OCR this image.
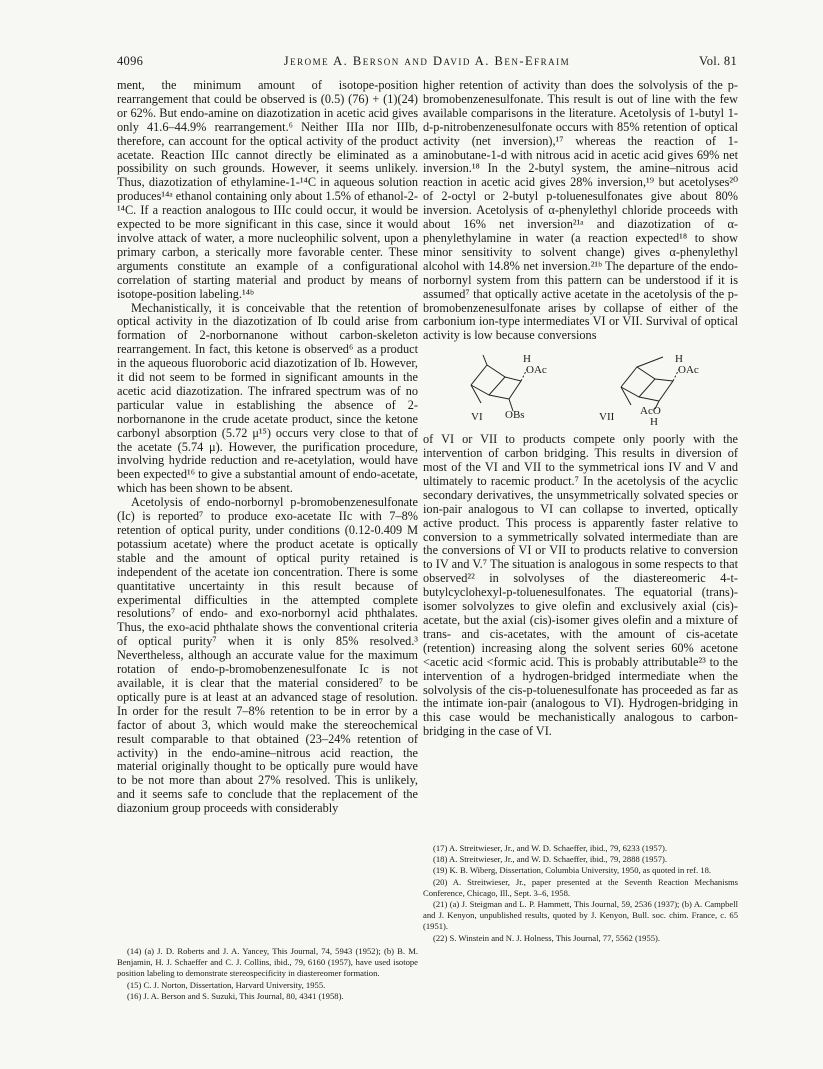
4096	Jerome A. Berson and David A. Ben-Efraim	Vol. 81

ment, the minimum amount of isotope-position rearrangement that could be observed is (0.5) (76) + (1)(24) or 62%. But endo-amine on diazotization in acetic acid gives only 41.6–44.9% rearrangement.⁶ Neither IIIa nor IIIb, therefore, can account for the optical activity of the product acetate. Reaction IIIc cannot directly be eliminated as a possibility on such grounds. However, it seems unlikely. Thus, diazotization of ethylamine-1-¹⁴C in aqueous solution produces¹⁴ᵃ ethanol containing only about 1.5% of ethanol-2-¹⁴C. If a reaction analogous to IIIc could occur, it would be expected to be more significant in this case, since it would involve attack of water, a more nucleophilic solvent, upon a primary carbon, a sterically more favorable center. These arguments constitute an example of a configurational correlation of starting material and product by means of isotope-position labeling.¹⁴ᵇ

Mechanistically, it is conceivable that the retention of optical activity in the diazotization of Ib could arise from formation of 2-norbornanone without carbon-skeleton rearrangement. In fact, this ketone is observed⁶ as a product in the aqueous fluoroboric acid diazotization of Ib. However, it did not seem to be formed in significant amounts in the acetic acid diazotization. The infrared spectrum was of no particular value in establishing the absence of 2-norbornanone in the crude acetate product, since the ketone carbonyl absorption (5.72 μ¹⁵) occurs very close to that of the acetate (5.74 μ). However, the purification procedure, involving hydride reduction and re-acetylation, would have been expected¹⁶ to give a substantial amount of endo-acetate, which has been shown to be absent.

Acetolysis of endo-norbornyl p-bromobenzenesulfonate (Ic) is reported⁷ to produce exo-acetate IIc with 7–8% retention of optical purity, under conditions (0.12-0.409 M potassium acetate) where the product acetate is optically stable and the amount of optical purity retained is independent of the acetate ion concentration. There is some quantitative uncertainty in this result because of experimental difficulties in the attempted complete resolutions⁷ of endo- and exo-norbornyl acid phthalates. Thus, the exo-acid phthalate shows the conventional criteria of optical purity⁷ when it is only 85% resolved.³ Nevertheless, although an accurate value for the maximum rotation of endo-p-bromobenzenesulfonate Ic is not available, it is clear that the material considered⁷ to be optically pure is at least at an advanced stage of resolution. In order for the result 7–8% retention to be in error by a factor of about 3, which would make the stereochemical result comparable to that obtained (23–24% retention of activity) in the endo-amine–nitrous acid reaction, the material originally thought to be optically pure would have to be not more than about 27% resolved. This is unlikely, and it seems safe to conclude that the replacement of the diazonium group proceeds with considerably

higher retention of activity than does the solvolysis of the p-bromobenzenesulfonate. This result is out of line with the few available comparisons in the literature. Acetolysis of 1-butyl 1-d-p-nitrobenzenesulfonate occurs with 85% retention of optical activity (net inversion),¹⁷ whereas the reaction of 1-aminobutane-1-d with nitrous acid in acetic acid gives 69% net inversion.¹⁸ In the 2-butyl system, the amine–nitrous acid reaction in acetic acid gives 28% inversion,¹⁹ but acetolyses²⁰ of 2-octyl or 2-butyl p-toluenesulfonates give about 80% inversion. Acetolysis of α-phenylethyl chloride proceeds with about 16% net inversion²¹ᵃ and diazotization of α-phenylethylamine in water (a reaction expected¹⁸ to show minor sensitivity to solvent change) gives α-phenylethyl alcohol with 14.8% net inversion.²¹ᵇ The departure of the endo-norbornyl system from this pattern can be understood if it is assumed⁷ that optically active acetate in the acetolysis of the p-bromobenzenesulfonate arises by collapse of either of the carbonium ion-type intermediates VI or VII. Survival of optical activity is low because conversions

H
OAc
OBs
VI
H
OAc
VII AcO
H

of VI or VII to products compete only poorly with the intervention of carbon bridging. This results in diversion of most of the VI and VII to the symmetrical ions IV and V and ultimately to racemic product.⁷ In the acetolysis of the acyclic secondary derivatives, the unsymmetrically solvated species or ion-pair analogous to VI can collapse to inverted, optically active product. This process is apparently faster relative to conversion to a symmetrically solvated intermediate than are the conversions of VI or VII to products relative to conversion to IV and V.⁷ The situation is analogous in some respects to that observed²² in solvolyses of the diastereomeric 4-t-butylcyclohexyl-p-toluenesulfonates. The equatorial (trans)-isomer solvolyzes to give olefin and exclusively axial (cis)-acetate, but the axial (cis)-isomer gives olefin and a mixture of trans- and cis-acetates, with the amount of cis-acetate (retention) increasing along the solvent series 60% acetone <acetic acid <formic acid. This is probably attributable²³ to the intervention of a hydrogen-bridged intermediate when the solvolysis of the cis-p-toluenesulfonate has proceeded as far as the intimate ion-pair (analogous to VI). Hydrogen-bridging in this case would be mechanistically analogous to carbon-bridging in the case of VI.

(14) (a) J. D. Roberts and J. A. Yancey, This Journal, 74, 5943 (1952); (b) B. M. Benjamin, H. J. Schaeffer and C. J. Collins, ibid., 79, 6160 (1957), have used isotope position labeling to demonstrate stereospecificity in diastereomer formation.

(15) C. J. Norton, Dissertation, Harvard University, 1955.

(16) J. A. Berson and S. Suzuki, This Journal, 80, 4341 (1958).

(17) A. Streitwieser, Jr., and W. D. Schaeffer, ibid., 79, 6233 (1957).

(18) A. Streitwieser, Jr., and W. D. Schaeffer, ibid., 79, 2888 (1957).

(19) K. B. Wiberg, Dissertation, Columbia University, 1950, as quoted in ref. 18.

(20) A. Streitwieser, Jr., paper presented at the Seventh Reaction Mechanisms Conference, Chicago, Ill., Sept. 3–6, 1958.

(21) (a) J. Steigman and L. P. Hammett, This Journal, 59, 2536 (1937); (b) A. Campbell and J. Kenyon, unpublished results, quoted by J. Kenyon, Bull. soc. chim. France, c. 65 (1951).

(22) S. Winstein and N. J. Holness, This Journal, 77, 5562 (1955).
